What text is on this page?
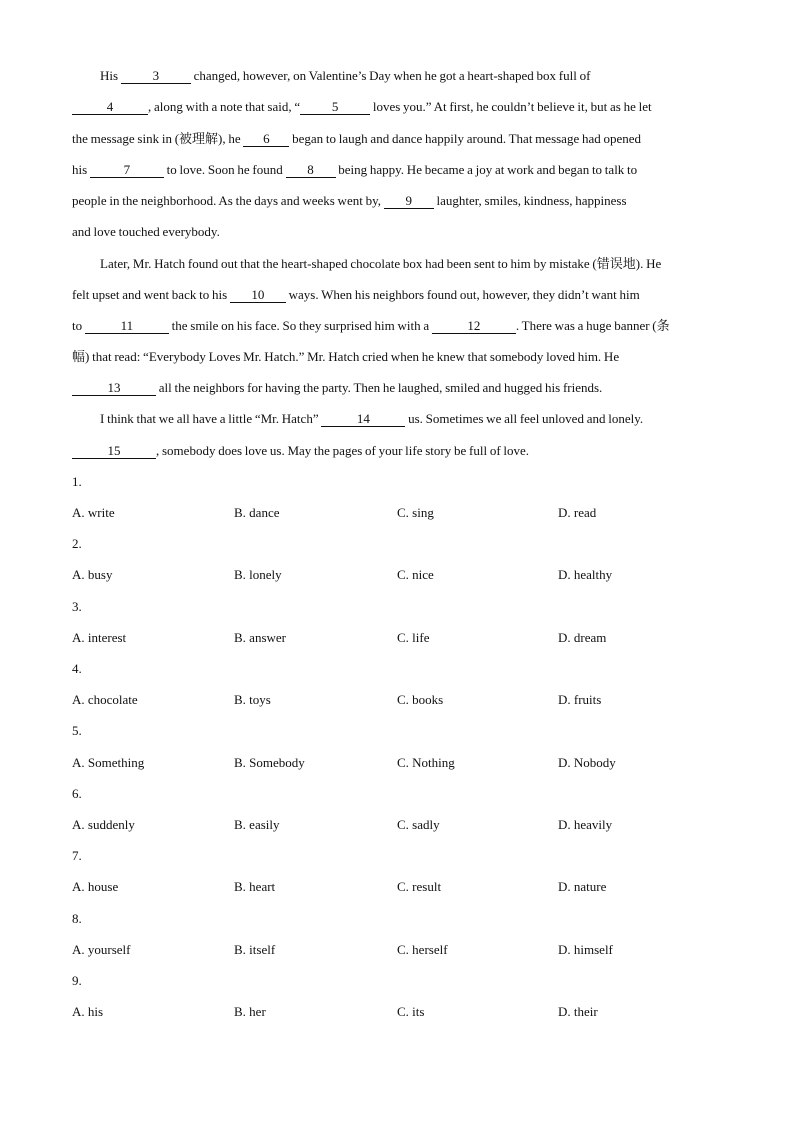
His 3 changed, however, on Valentine’s Day when he got a heart-shaped box full of
4	, along with a note that said, “ 5 loves you.” At first, he couldn’t believe it, but as he let
the message sink in (被理解), he 6 began to laugh and dance happily around. That message had opened
his	7	to love. Soon he found 8 being happy. He became a joy at work and began to talk to
people in the neighborhood. As the days and weeks went by, 9 laughter, smiles, kindness, happiness
and love touched everybody.
Later, Mr. Hatch found out that the heart-shaped chocolate box had been sent to him by mistake (错误地). He
felt upset and went back to his 10 ways. When his neighbors found out, however, they didn’t want him
to	11	the smile on his face. So they surprised him with a	12	. There was a huge banner (条
幅) that read: “Everybody Loves Mr. Hatch.” Mr. Hatch cried when he knew that somebody loved him. He
13	all the neighbors for having the party. Then he laughed, smiled and hugged his friends.
I think that we all have a little “Mr. Hatch”	14	us. Sometimes we all feel unloved and lonely.
15	, somebody does love us. May the pages of your life story be full of love.
1.
A. write	B. dance	C. sing	D. read
2.
A. busy	B. lonely	C. nice	D. healthy
3.
A. interest	B. answer	C. life	D. dream
4.
A. chocolate	B. toys	C. books	D. fruits
5.
A. Something	B. Somebody	C. Nothing	D. Nobody
6.
A. suddenly	B. easily	C. sadly	D. heavily
7.
A. house	B. heart	C. result	D. nature
8.
A. yourself	B. itself	C. herself	D. himself
9.
A. his	B. her	C. its	D. their
